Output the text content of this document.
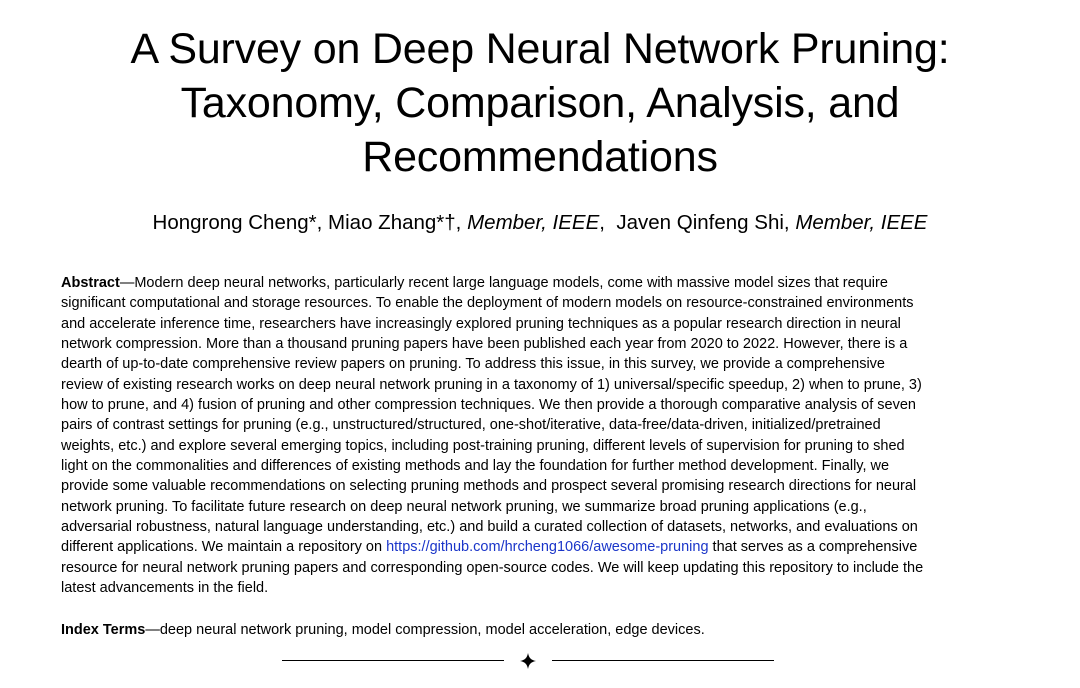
A Survey on Deep Neural Network Pruning:
Taxonomy, Comparison, Analysis, and
Recommendations
Hongrong Cheng*, Miao Zhang*†, Member, IEEE, Javen Qinfeng Shi, Member, IEEE
Abstract—Modern deep neural networks, particularly recent large language models, come with massive model sizes that require
significant computational and storage resources. To enable the deployment of modern models on resource-constrained environments
and accelerate inference time, researchers have increasingly explored pruning techniques as a popular research direction in neural
network compression. More than a thousand pruning papers have been published each year from 2020 to 2022. However, there is a
dearth of up-to-date comprehensive review papers on pruning. To address this issue, in this survey, we provide a comprehensive
review of existing research works on deep neural network pruning in a taxonomy of 1) universal/specific speedup, 2) when to prune, 3)
how to prune, and 4) fusion of pruning and other compression techniques. We then provide a thorough comparative analysis of seven
pairs of contrast settings for pruning (e.g., unstructured/structured, one-shot/iterative, data-free/data-driven, initialized/pretrained
weights, etc.) and explore several emerging topics, including post-training pruning, different levels of supervision for pruning to shed
light on the commonalities and differences of existing methods and lay the foundation for further method development. Finally, we
provide some valuable recommendations on selecting pruning methods and prospect several promising research directions for neural
network pruning. To facilitate future research on deep neural network pruning, we summarize broad pruning applications (e.g.,
adversarial robustness, natural language understanding, etc.) and build a curated collection of datasets, networks, and evaluations on
different applications. We maintain a repository on https://github.com/hrcheng1066/awesome-pruning that serves as a comprehensive
resource for neural network pruning papers and corresponding open-source codes. We will keep updating this repository to include the
latest advancements in the field.
Index Terms—deep neural network pruning, model compression, model acceleration, edge devices.
